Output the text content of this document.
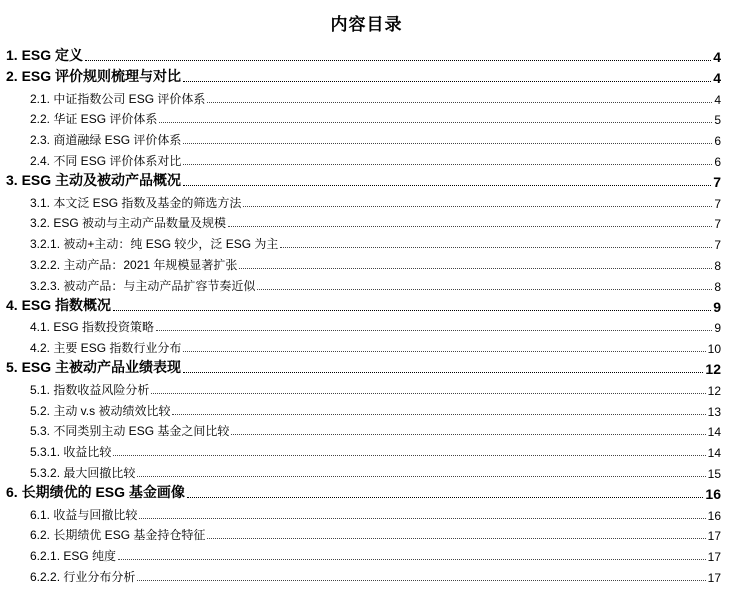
内容目录
1. ESG 定义	4
2. ESG 评价规则梳理与对比	4
2.1. 中证指数公司 ESG 评价体系	4
2.2. 华证 ESG 评价体系	5
2.3. 商道融绿 ESG 评价体系	6
2.4. 不同 ESG 评价体系对比	6
3. ESG 主动及被动产品概况	7
3.1. 本文泛 ESG 指数及基金的筛选方法	7
3.2. ESG 被动与主动产品数量及规模	7
3.2.1. 被动+主动：纯 ESG 较少，泛 ESG 为主	7
3.2.2. 主动产品：2021 年规模显著扩张	8
3.2.3. 被动产品：与主动产品扩容节奏近似	8
4. ESG 指数概况	9
4.1. ESG 指数投资策略	9
4.2. 主要 ESG 指数行业分布	10
5. ESG 主被动产品业绩表现	12
5.1. 指数收益风险分析	12
5.2. 主动 v.s 被动绩效比较	13
5.3. 不同类别主动 ESG 基金之间比较	14
5.3.1. 收益比较	14
5.3.2. 最大回撤比较	15
6. 长期绩优的 ESG 基金画像	16
6.1. 收益与回撤比较	16
6.2. 长期绩优 ESG 基金持仓特征	17
6.2.1. ESG 纯度	17
6.2.2. 行业分布分析	17
